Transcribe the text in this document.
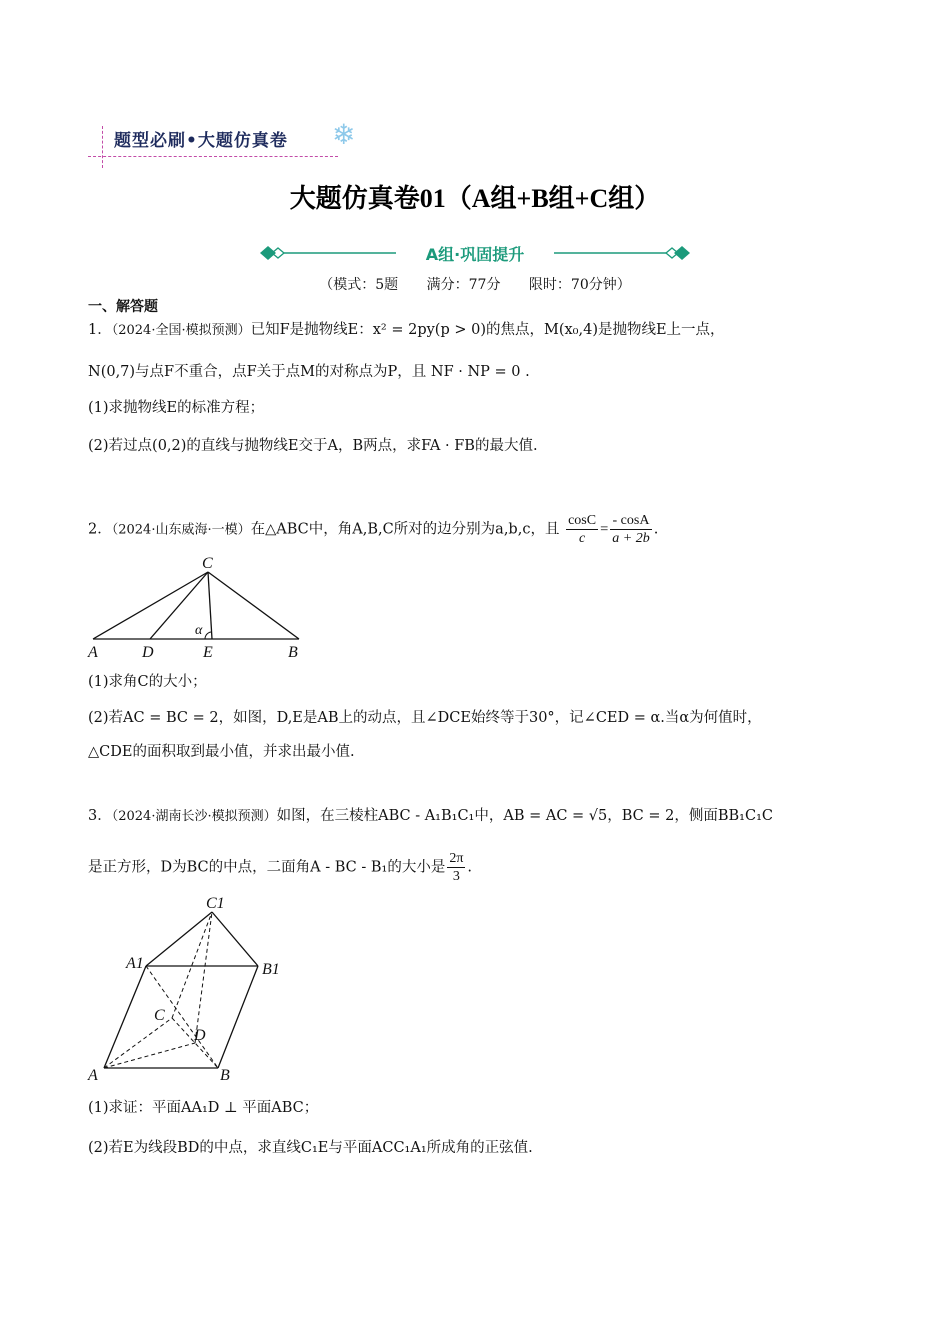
题型必刷•大题仿真卷 ❄
大题仿真卷01（A组+B组+C组）
A组·巩固提升
（模式：5题 满分：77分 限时：70分钟）
一、解答题
1．（2024·全国·模拟预测）已知F是抛物线E：x² = 2py(p > 0)的焦点，M(x₀,4)是抛物线E上一点，
N(0,7)与点F不重合，点F关于点M的对称点为P，且 NF · NP = 0 .
(1)求抛物线E的标准方程；
(2)若过点(0,2)的直线与抛物线E交于A，B两点，求FA · FB的最大值.
2．（2024·山东威海·一模）在△ABC中，角A,B,C所对的边分别为a,b,c，且 $\frac{\cos C}{c} = \frac{- \cos A}{a + 2b}$ .
C
A	D	E	B
α
(1)求角C的大小；
(2)若AC = BC = 2，如图，D,E是AB上的动点，且∠DCE始终等于30°，记∠CED = α.当α为何值时，
△CDE的面积取到最小值，并求出最小值.
3．（2024·湖南长沙·模拟预测）如图，在三棱柱ABC - A₁B₁C₁中，AB = AC = √5，BC = 2，侧面BB₁C₁C
是正方形，D为BC的中点，二面角A - BC - B₁的大小是 $\frac{2\pi}{3}$ .
C1
A1	B1
C
D
A	B
(1)求证：平面AA₁D ⊥ 平面ABC；
(2)若E为线段BD的中点，求直线C₁E与平面ACC₁A₁所成角的正弦值.
